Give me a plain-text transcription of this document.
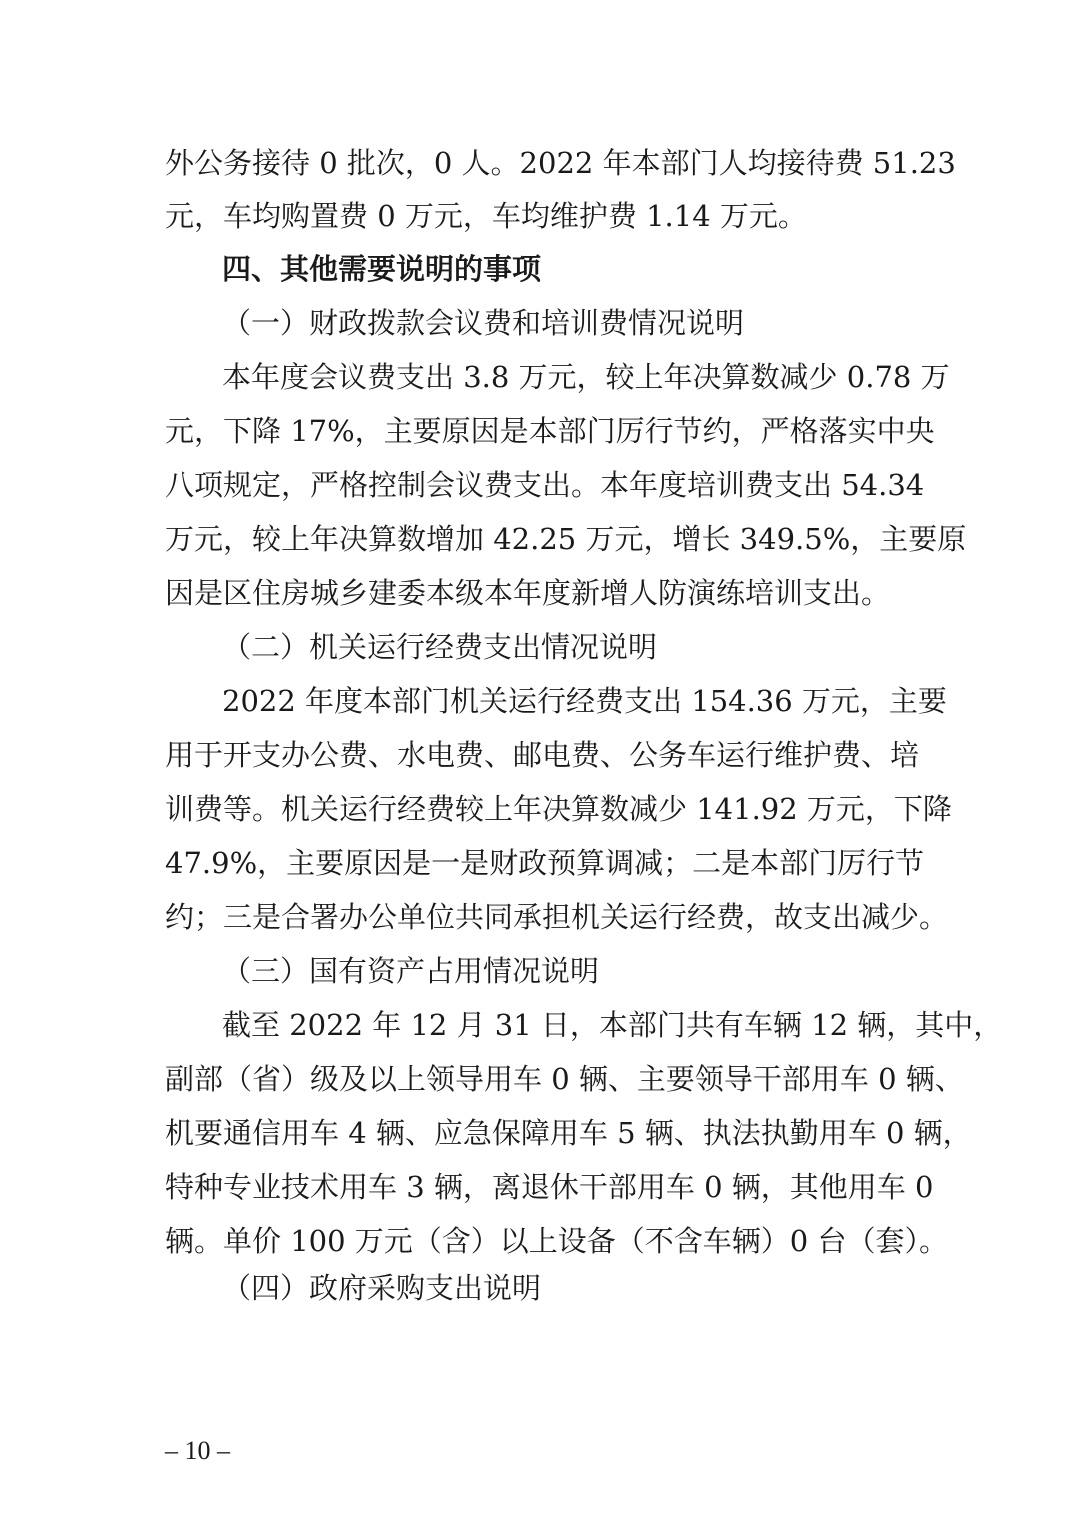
外公务接待 0 批次，0 人。2022 年本部门人均接待费 51.23
元，车均购置费 0 万元，车均维护费 1.14 万元。
四、其他需要说明的事项
（一）财政拨款会议费和培训费情况说明
本年度会议费支出 3.8 万元，较上年决算数减少 0.78 万
元，下降 17%，主要原因是本部门厉行节约，严格落实中央
八项规定，严格控制会议费支出。本年度培训费支出 54.34
万元，较上年决算数增加 42.25 万元，增长 349.5%，主要原
因是区住房城乡建委本级本年度新增人防演练培训支出。
（二）机关运行经费支出情况说明
2022 年度本部门机关运行经费支出 154.36 万元，主要
用于开支办公费、水电费、邮电费、公务车运行维护费、培
训费等。机关运行经费较上年决算数减少 141.92 万元，下降
47.9%，主要原因是一是财政预算调减；二是本部门厉行节
约；三是合署办公单位共同承担机关运行经费，故支出减少。
（三）国有资产占用情况说明
截至 2022 年 12 月 31 日，本部门共有车辆 12 辆，其中，
副部（省）级及以上领导用车 0 辆、主要领导干部用车 0 辆、
机要通信用车 4 辆、应急保障用车 5 辆、执法执勤用车 0 辆，
特种专业技术用车 3 辆，离退休干部用车 0 辆，其他用车 0
辆。单价 100 万元（含）以上设备（不含车辆）0 台（套）。
（四）政府采购支出说明
– 10 –
